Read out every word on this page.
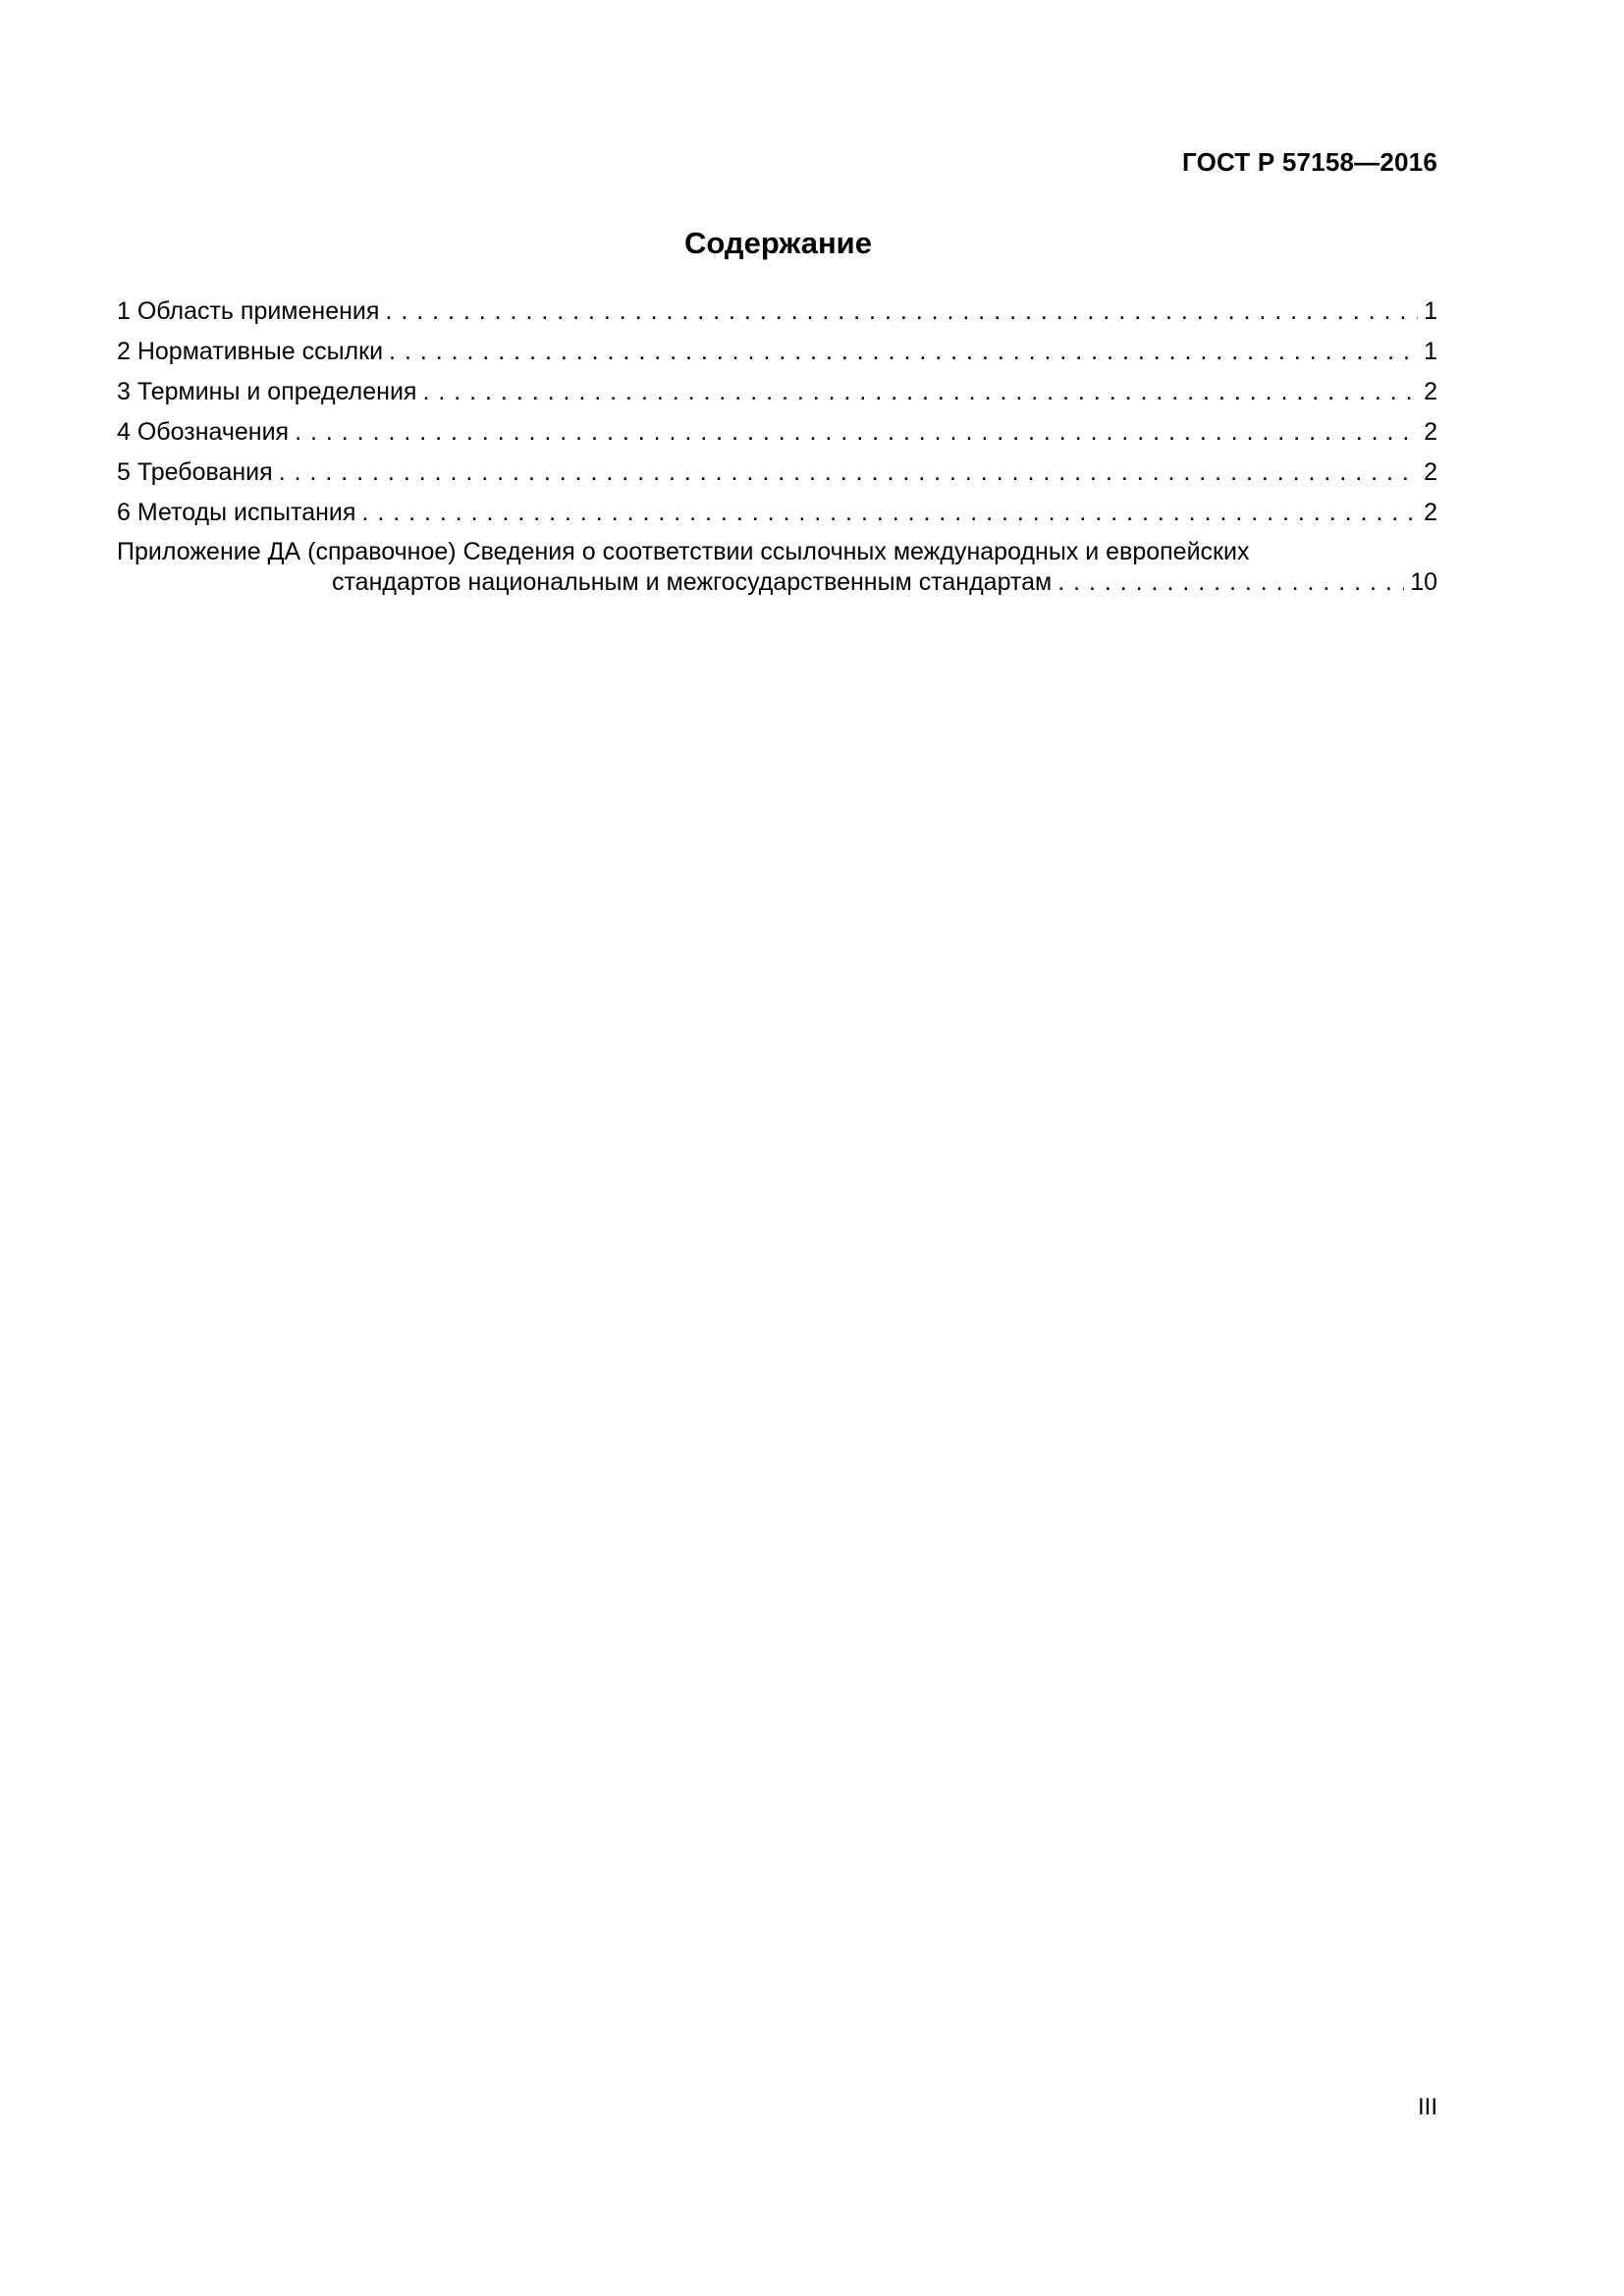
ГОСТ Р 57158—2016
Содержание
1 Область применения . . .	1
2 Нормативные ссылки . . .	1
3 Термины и определения . . .	2
4 Обозначения . . .	2
5 Требования . . .	2
6 Методы испытания . . .	2
Приложение ДА (справочное) Сведения о соответствии ссылочных международных и европейских
стандартов национальным и межгосударственным стандартам . . .	10
III
